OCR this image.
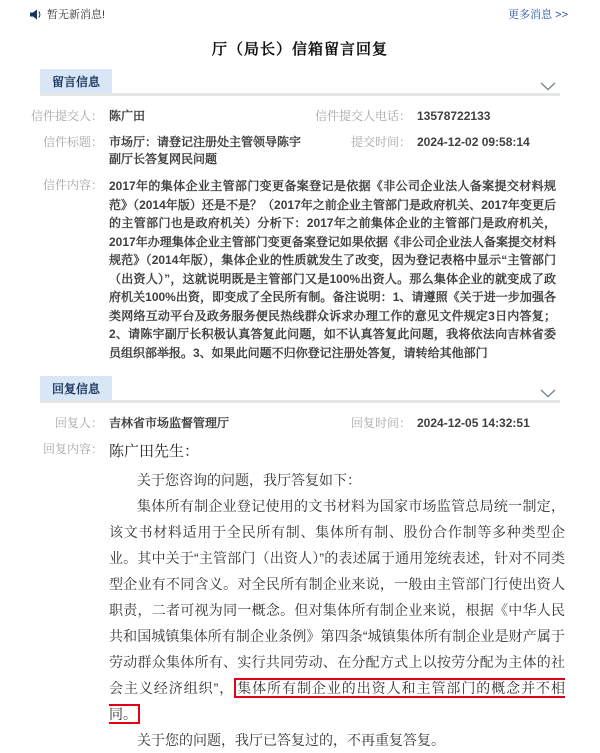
暂无新消息!	更多消息 >>
厅（局长）信箱留言回复
留言信息
信件提交人： 陈广田	信件提交人电话： 13578722133
信件标题： 市场厅：请登记注册处主管领导陈宇副厅长答复网民问题
提交时间： 2024-12-02 09:58:14
信件内容： 2017年的集体企业主管部门变更备案登记是依据《非公司企业法人备案提交材料规范》（2014年版）还是不是？（2017年之前企业主管部门是政府机关、2017年变更后的主管部门也是政府机关）分析下：2017年之前集体企业的主管部门是政府机关，2017年办理集体企业主管部门变更备案登记如果依据《非公司企业法人备案提交材料规范》（2014年版），集体企业的性质就发生了改变，因为登记表格中显示“主管部门（出资人）”，这就说明既是主管部门又是100%出资人。那么集体企业的就变成了政府机关100%出资，即变成了全民所有制。备注说明：1、请遵照《关于进一步加强各类网络互动平台及政务服务便民热线群众诉求办理工作的意见文件规定3日内答复；2、请陈宇副厅长积极认真答复此问题，如不认真答复此问题，我将依法向吉林省委员组织部举报。3、如果此问题不归你登记注册处答复，请转给其他部门
回复信息
回复人： 吉林省市场监督管理厅	回复时间： 2024-12-05 14:32:51
回复内容： 陈广田先生：

关于您咨询的问题，我厅答复如下：

集体所有制企业登记使用的文书材料为国家市场监管总局统一制定，该文书材料适用于全民所有制、集体所有制、股份合作制等多种类型企业。其中关于“主管部门（出资人）”的表述属于通用笼统表述，针对不同类型企业有不同含义。对全民所有制企业来说，一般由主管部门行使出资人职责，二者可视为同一概念。但对集体所有制企业来说，根据《中华人民共和国城镇集体所有制企业条例》第四条“城镇集体所有制企业是财产属于劳动群众集体所有、实行共同劳动、在分配方式上以按劳分配为主体的社会主义经济组织”， 集体所有制企业的出资人和主管部门的概念并不相同。

关于您的问题，我厅已答复过的，不再重复答复。
